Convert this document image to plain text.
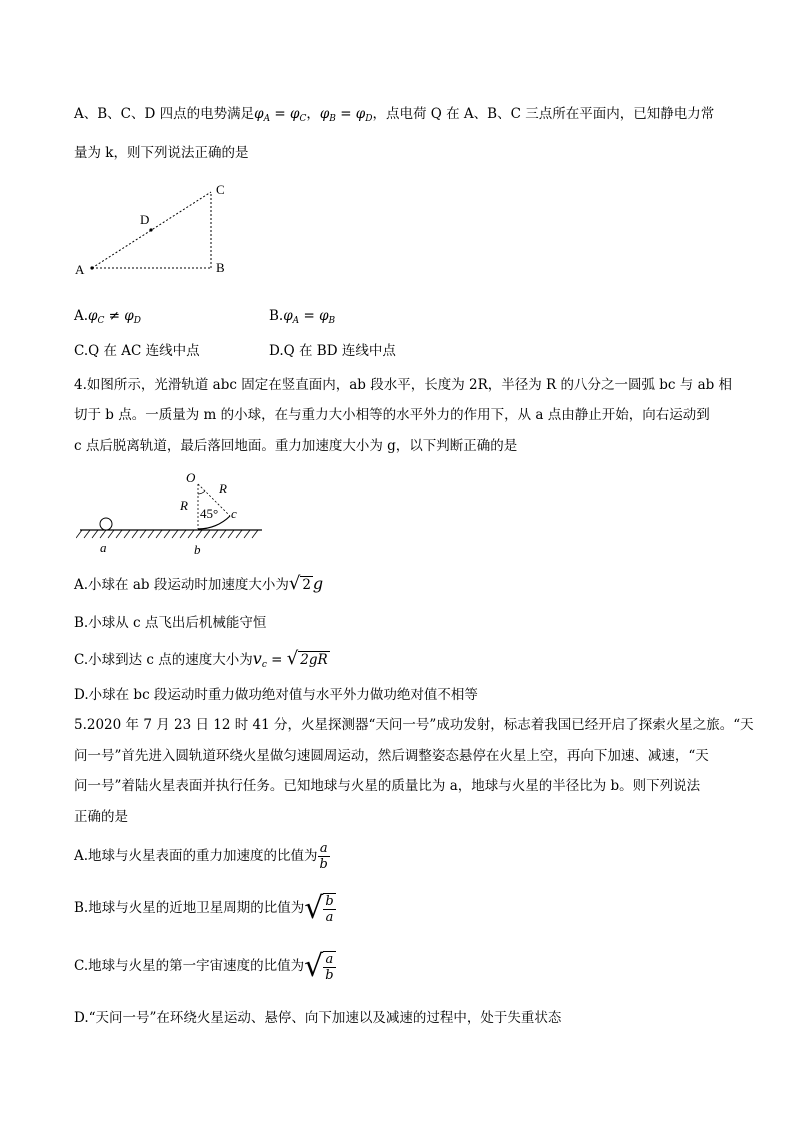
A、B、C、D 四点的电势满足$\varphi_A = \varphi_C$，$\varphi_B = \varphi_D$，点电荷 Q 在 A、B、C 三点所在平面内，已知静电力常
量为 k，则下列说法正确的是
C
D
A	B
$A.\varphi_C \ne \varphi_D$	$B.\varphi_A = \varphi_B$
C.Q 在 AC 连线中点	D.Q 在 BD 连线中点
4.如图所示，光滑轨道 abc 固定在竖直面内，ab 段水平，长度为 2R，半径为 R 的八分之一圆弧 bc 与 ab 相
切于 b 点。一质量为 m 的小球，在与重力大小相等的水平外力的作用下，从 a 点由静止开始，向右运动到
c 点后脱离轨道，最后落回地面。重力加速度大小为 g，以下判断正确的是
O
R
R
45° c
a	b
A.小球在 ab 段运动时加速度大小为√ 2 g
B.小球从 c 点飞出后机械能守恒
C.小球到达 c 点的速度大小为$v_c$ = √ 2gR
D.小球在 bc 段运动时重力做功绝对值与水平外力做功绝对值不相等
5.2020 年 7 月 23 日 12 时 41 分，火星探测器“天问一号”成功发射，标志着我国已经开启了探索火星之旅。“天
问一号”首先进入圆轨道环绕火星做匀速圆周运动，然后调整姿态悬停在火星上空，再向下加速、减速，“天
问一号”着陆火星表面并执行任务。已知地球与火星的质量比为 a，地球与火星的半径比为 b。则下列说法
正确的是
A.地球与火星表面的重力加速度的比值为 $\frac{a}{b}$
B.地球与火星的近地卫星周期的比值为 √ $\frac{b}{a}$
C.地球与火星的第一宇宙速度的比值为 √ $\frac{a}{b}$
D.“天问一号”在环绕火星运动、悬停、向下加速以及减速的过程中，处于失重状态
